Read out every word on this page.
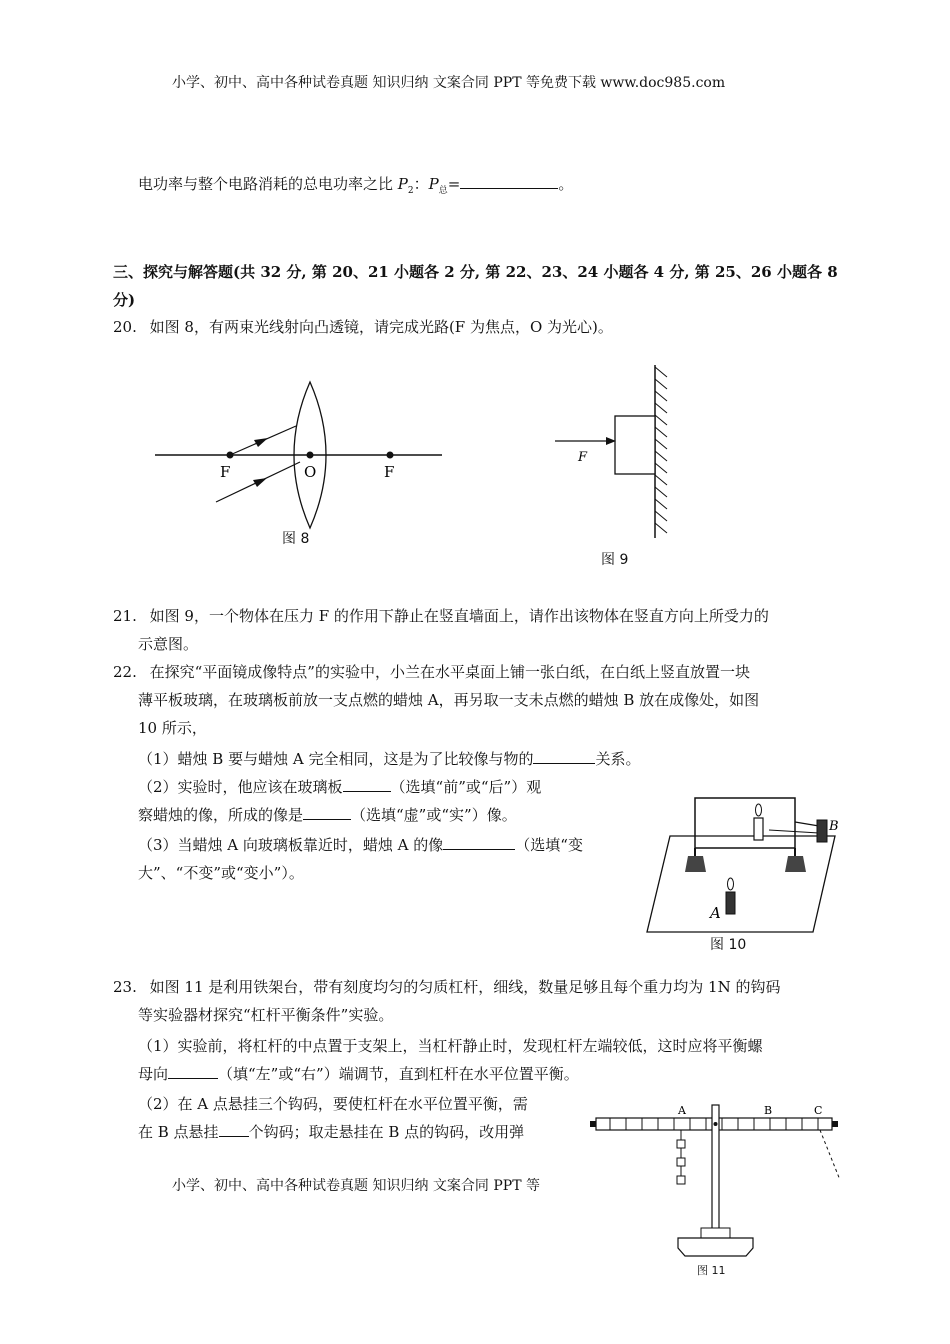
小学、初中、高中各种试卷真题 知识归纳 文案合同 PPT 等免费下载 www.doc985.com
电功率与整个电路消耗的总电功率之比 $P_2$：$P_总=$	。
三、探究与解答题(共 32 分, 第 20、21 小题各 2 分, 第 22、23、24 小题各 4 分, 第 25、26 小题各 8
分)
20. 如图 8，有两束光线射向凸透镜，请完成光路(F 为焦点，O 为光心)。
F	O	F
图 8
F
图 9
21. 如图 9，一个物体在压力 F 的作用下静止在竖直墙面上，请作出该物体在竖直方向上所受力的
示意图。
22. 在探究“平面镜成像特点”的实验中，小兰在水平桌面上铺一张白纸，在白纸上竖直放置一块
薄平板玻璃，在玻璃板前放一支点燃的蜡烛 A，再另取一支未点燃的蜡烛 B 放在成像处，如图
10 所示，
（1）蜡烛 B 要与蜡烛 A 完全相同，这是为了比较像与物的	关系。
（2）实验时，他应该在玻璃板	（选填“前”或“后”）观
察蜡烛的像，所成的像是	（选填“虚”或“实”）像。
（3）当蜡烛 A 向玻璃板靠近时，蜡烛 A 的像	（选填“变
大”、“不变”或“变小”）。
B
A
图 10
23. 如图 11 是利用铁架台，带有刻度均匀的匀质杠杆，细线，数量足够且每个重力均为 1N 的钩码
等实验器材探究“杠杆平衡条件”实验。
（1）实验前，将杠杆的中点置于支架上，当杠杆静止时，发现杠杆左端较低，这时应将平衡螺
母向	（填“左”或“右”）端调节，直到杠杆在水平位置平衡。
（2）在 A 点悬挂三个钩码，要使杠杆在水平位置平衡，需
在 B 点悬挂 个钩码；取走悬挂在 B 点的钩码，改用弹
小学、初中、高中各种试卷真题 知识归纳 文案合同 PPT 等
A	B	C
图 11
